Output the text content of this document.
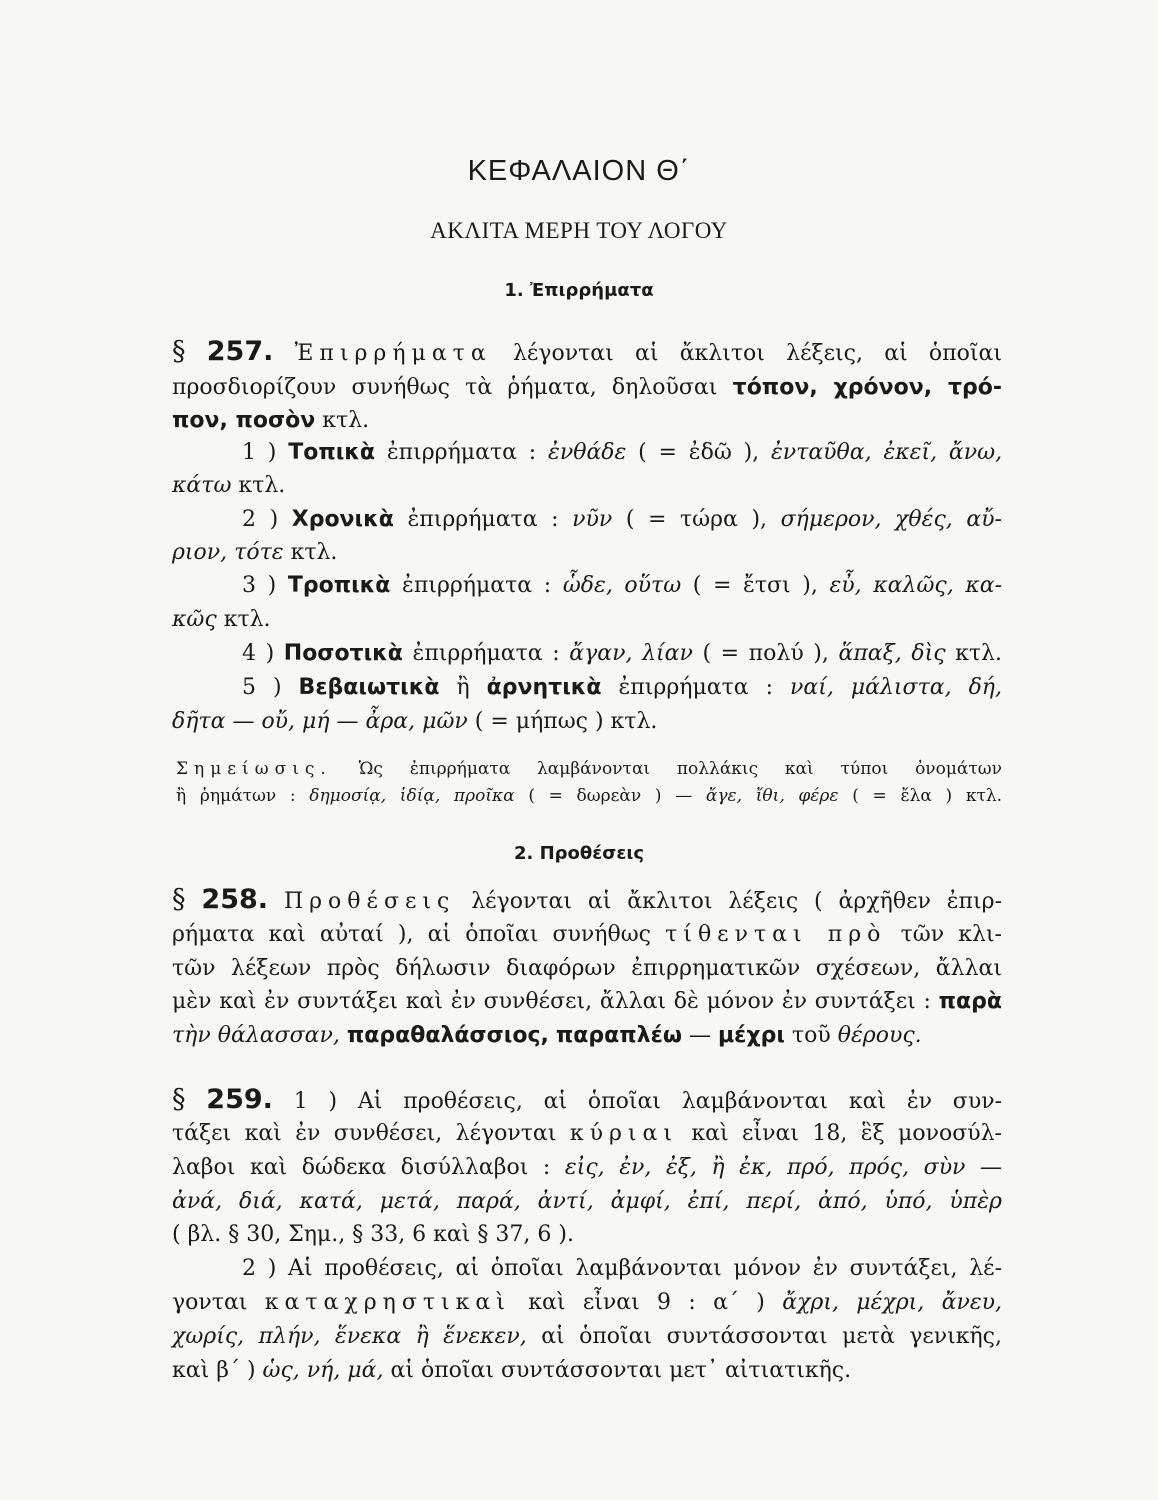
ΚΕΦΑΛΑΙΟΝ Θ΄
ΑΚΛΙΤΑ ΜΕΡΗ ΤΟΥ ΛΟΓΟΥ
1. Ἐπιρρήματα
§ 257. Ἐπιρρήματα λέγονται αἱ ἄκλιτοι λέξεις, αἱ ὁποῖαι
προσδιορίζουν συνήθως τὰ ῥήματα, δηλοῦσαι τόπον, χρόνον, τρό-
πον, ποσὸν κτλ.
1 ) Τοπικὰ ἐπιρρήματα : ἐνθάδε ( = ἐδῶ ), ἐνταῦθα, ἐκεῖ, ἄνω,
κάτω κτλ.
2 ) Χρονικὰ ἐπιρρήματα : νῦν ( = τώρα ), σήμερον, χθές, αὔ-
ριον, τότε κτλ.
3 ) Τροπικὰ ἐπιρρήματα : ὧδε, οὕτω ( = ἔτσι ), εὖ, καλῶς, κα-
κῶς κτλ.
4 ) Ποσοτικὰ ἐπιρρήματα : ἄγαν, λίαν ( = πολύ ), ἅπαξ, δὶς κτλ.
5 ) Βεβαιωτικὰ ἢ ἀρνητικὰ ἐπιρρήματα : ναί, μάλιστα, δή,
δῆτα — οὔ, μή — ἆρα, μῶν ( = μήπως ) κτλ.
Σημείωσις. Ὡς ἐπιρρήματα λαμβάνονται πολλάκις καὶ τύποι ὀνομάτων
ἢ ῥημάτων : δημοσίᾳ, ἰδίᾳ, προῖκα ( = δωρεὰν ) — ἄγε, ἴθι, φέρε ( = ἔλα ) κτλ.
2. Προθέσεις
§ 258. Προθέσεις λέγονται αἱ ἄκλιτοι λέξεις ( ἀρχῆθεν ἐπιρ-
ρήματα καὶ αὐταί ), αἱ ὁποῖαι συνήθως τίθενται πρὸ τῶν κλι-
τῶν λέξεων πρὸς δήλωσιν διαφόρων ἐπιρρηματικῶν σχέσεων, ἄλλαι
μὲν καὶ ἐν συντάξει καὶ ἐν συνθέσει, ἄλλαι δὲ μόνον ἐν συντάξει : παρὰ
τὴν θάλασσαν, παραθαλάσσιος, παραπλέω — μέχρι τοῦ θέρους.
§ 259. 1 ) Αἱ προθέσεις, αἱ ὁποῖαι λαμβάνονται καὶ ἐν συν-
τάξει καὶ ἐν συνθέσει, λέγονται κύριαι καὶ εἶναι 18, ἓξ μονοσύλ-
λαβοι καὶ δώδεκα δισύλλαβοι : εἰς, ἐν, ἐξ, ἢ ἐκ, πρό, πρός, σὺν —
ἀνά, διά, κατά, μετά, παρά, ἀντί, ἀμφί, ἐπί, περί, ἀπό, ὑπό, ὑπὲρ
( βλ. § 30, Σημ., § 33, 6 καὶ § 37, 6 ).
2 ) Αἱ προθέσεις, αἱ ὁποῖαι λαμβάνονται μόνον ἐν συντάξει, λέ-
γονται καταχρηστικαὶ καὶ εἶναι 9 : α΄ ) ἄχρι, μέχρι, ἄνευ,
χωρίς, πλήν, ἕνεκα ἢ ἕνεκεν, αἱ ὁποῖαι συντάσσονται μετὰ γενικῆς,
καὶ β΄ ) ὡς, νή, μά, αἱ ὁποῖαι συντάσσονται μετ᾽ αἰτιατικῆς.
